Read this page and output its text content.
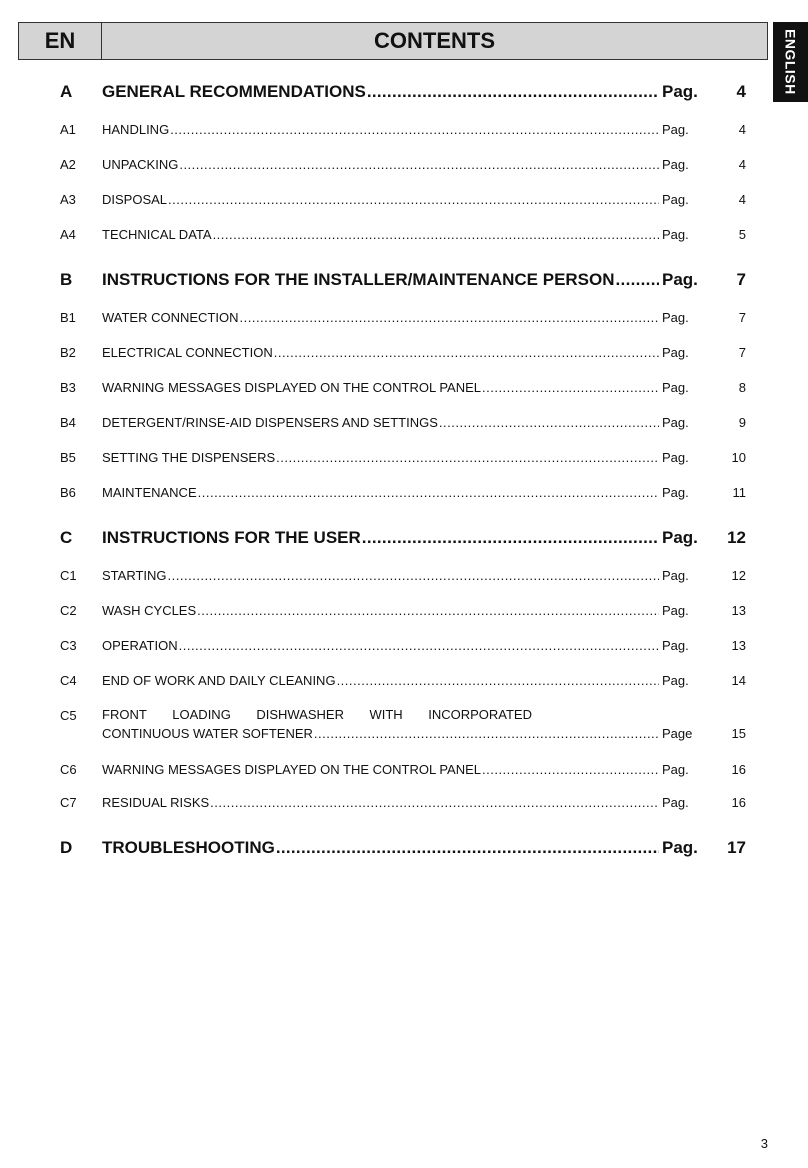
EN	CONTENTS	ENGLISH
A GENERAL RECOMMENDATIONS .....	Pag. 4
A1 HANDLING .....	Pag.	4
A2 UNPACKING .....	Pag.	4
A3 DISPOSAL .....	Pag.	4
A4 TECHNICAL DATA .....	Pag.	5
B INSTRUCTIONS FOR THE INSTALLER/MAINTENANCE PERSON .....	Pag. 7
B1 WATER CONNECTION .....	Pag.	7
B2 ELECTRICAL CONNECTION .....	Pag.	7
B3 WARNING MESSAGES DISPLAYED ON THE CONTROL PANEL .....	Pag.	8
B4 DETERGENT/RINSE-AID DISPENSERS AND SETTINGS .....	Pag.	9
B5 SETTING THE DISPENSERS .....	Pag.	10
B6 MAINTENANCE .....	Pag.	11
C INSTRUCTIONS FOR THE USER .....	Pag. 12
C1 STARTING .....	Pag.	12
C2 WASH CYCLES .....	Pag.	13
C3 OPERATION .....	Pag.	13
C4 END OF WORK AND DAILY CLEANING .....	Pag.	14
C5 FRONT LOADING DISHWASHER WITH INCORPORATED
CONTINUOUS WATER SOFTENER .....	Page	15
C6 WARNING MESSAGES DISPLAYED ON THE CONTROL PANEL .....	Pag.	16
C7 RESIDUAL RISKS .....	Pag.	16
D TROUBLESHOOTING .....	Pag. 17
3
